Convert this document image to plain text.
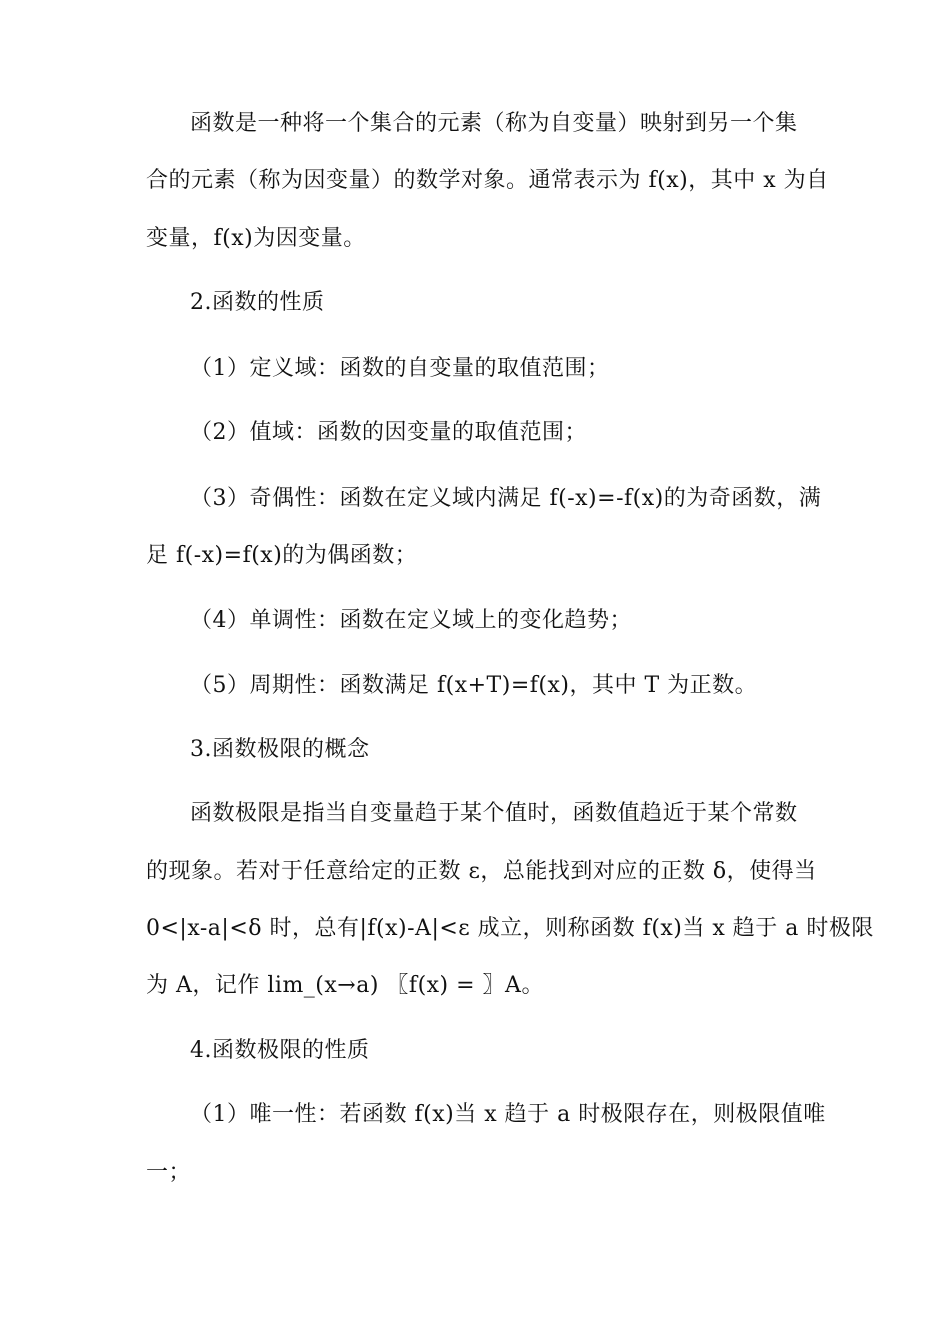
函数是一种将一个集合的元素（称为自变量）映射到另一个集
合的元素（称为因变量）的数学对象。通常表示为 f(x)，其中 x 为自
变量，f(x)为因变量。
2.函数的性质
（1）定义域：函数的自变量的取值范围；
（2）值域：函数的因变量的取值范围；
（3）奇偶性：函数在定义域内满足 f(-x)=-f(x)的为奇函数，满
足 f(-x)=f(x)的为偶函数；
（4）单调性：函数在定义域上的变化趋势；
（5）周期性：函数满足 f(x+T)=f(x)，其中 T 为正数。
3.函数极限的概念
函数极限是指当自变量趋于某个值时，函数值趋近于某个常数
的现象。若对于任意给定的正数 ε，总能找到对应的正数 δ，使得当
0<|x-a|<δ 时，总有|f(x)-A|<ε 成立，则称函数 f(x)当 x 趋于 a 时极限
为 A，记作 lim_(x→a) 〖f(x) = 〗A。
4.函数极限的性质
（1）唯一性：若函数 f(x)当 x 趋于 a 时极限存在，则极限值唯
一；
